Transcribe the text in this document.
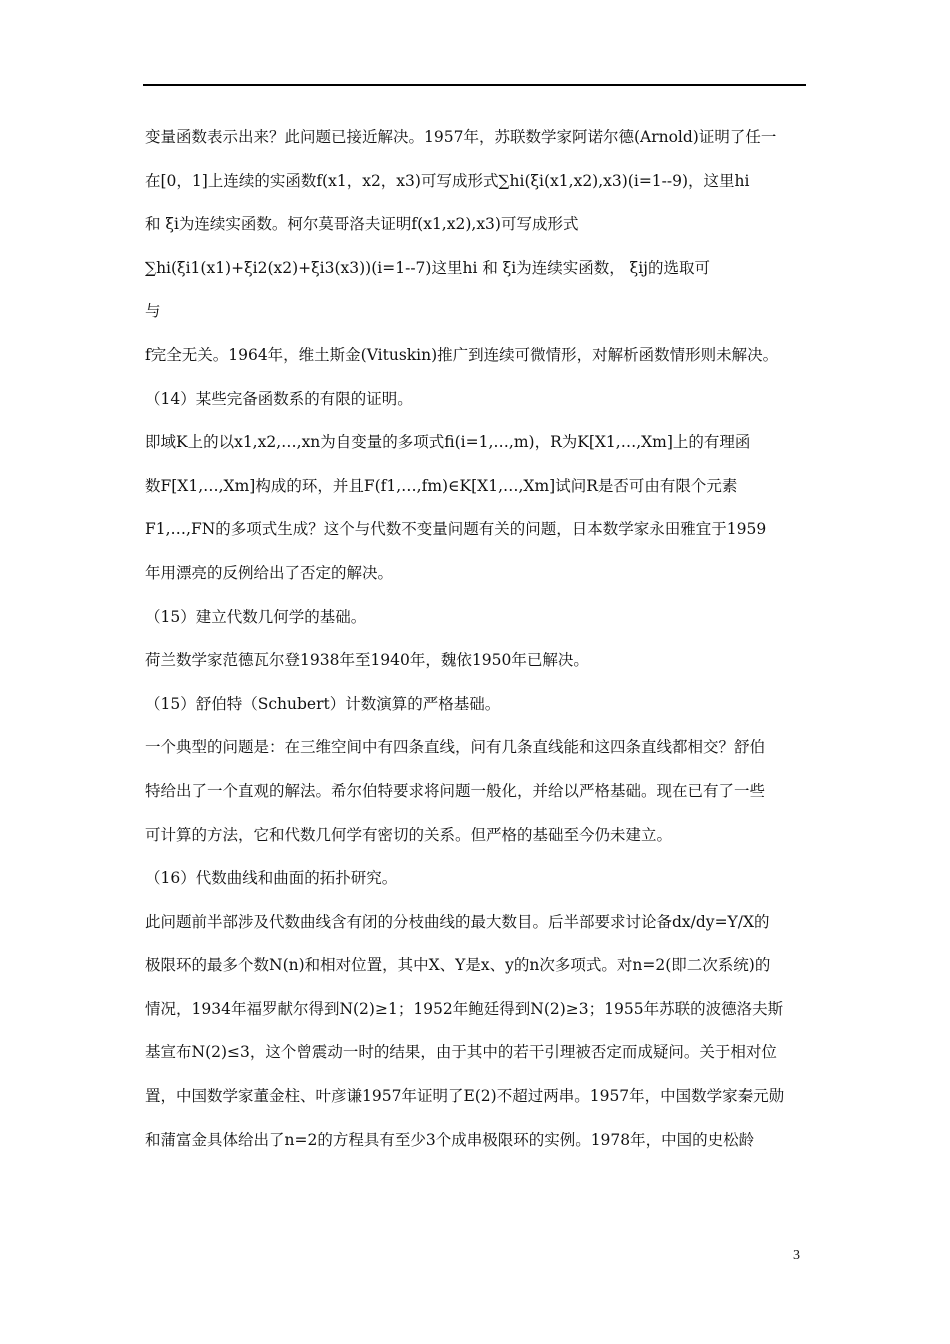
变量函数表示出来？此问题已接近解决。1957年，苏联数学家阿诺尔德(Arnold)证明了任一
在[0，1]上连续的实函数f(x1，x2，x3)可写成形式∑hi(ξi(x1,x2),x3)(i=1--9)，这里hi
和 ξi为连续实函数。柯尔莫哥洛夫证明f(x1,x2),x3)可写成形式
∑hi(ξi1(x1)+ξi2(x2)+ξi3(x3))(i=1--7)这里hi 和 ξi为连续实函数， ξij的选取可
与
f完全无关。1964年，维土斯金(Vituskin)推广到连续可微情形，对解析函数情形则未解决。
（14）某些完备函数系的有限的证明。
即域K上的以x1,x2,…,xn为自变量的多项式fi(i=1,…,m)，R为K[X1,…,Xm]上的有理函
数F[X1,…,Xm]构成的环，并且F(f1,…,fm)∈K[X1,…,Xm]试问R是否可由有限个元素
F1,…,FN的多项式生成？这个与代数不变量问题有关的问题，日本数学家永田雅宜于1959
年用漂亮的反例给出了否定的解决。
（15）建立代数几何学的基础。
荷兰数学家范德瓦尔登1938年至1940年，魏依1950年已解决。
（15）舒伯特（Schubert）计数演算的严格基础。
一个典型的问题是：在三维空间中有四条直线，问有几条直线能和这四条直线都相交？舒伯
特给出了一个直观的解法。希尔伯特要求将问题一般化，并给以严格基础。现在已有了一些
可计算的方法，它和代数几何学有密切的关系。但严格的基础至今仍未建立。
（16）代数曲线和曲面的拓扑研究。
此问题前半部涉及代数曲线含有闭的分枝曲线的最大数目。后半部要求讨论备dx/dy=Y/X的
极限环的最多个数N(n)和相对位置，其中X、Y是x、y的n次多项式。对n=2(即二次系统)的
情况，1934年福罗献尔得到N(2)≥1；1952年鲍廷得到N(2)≥3；1955年苏联的波德洛夫斯
基宣布N(2)≤3，这个曾震动一时的结果，由于其中的若干引理被否定而成疑问。关于相对位
置，中国数学家董金柱、叶彦谦1957年证明了E(2)不超过两串。1957年，中国数学家秦元勋
和蒲富金具体给出了n=2的方程具有至少3个成串极限环的实例。1978年，中国的史松龄
3
